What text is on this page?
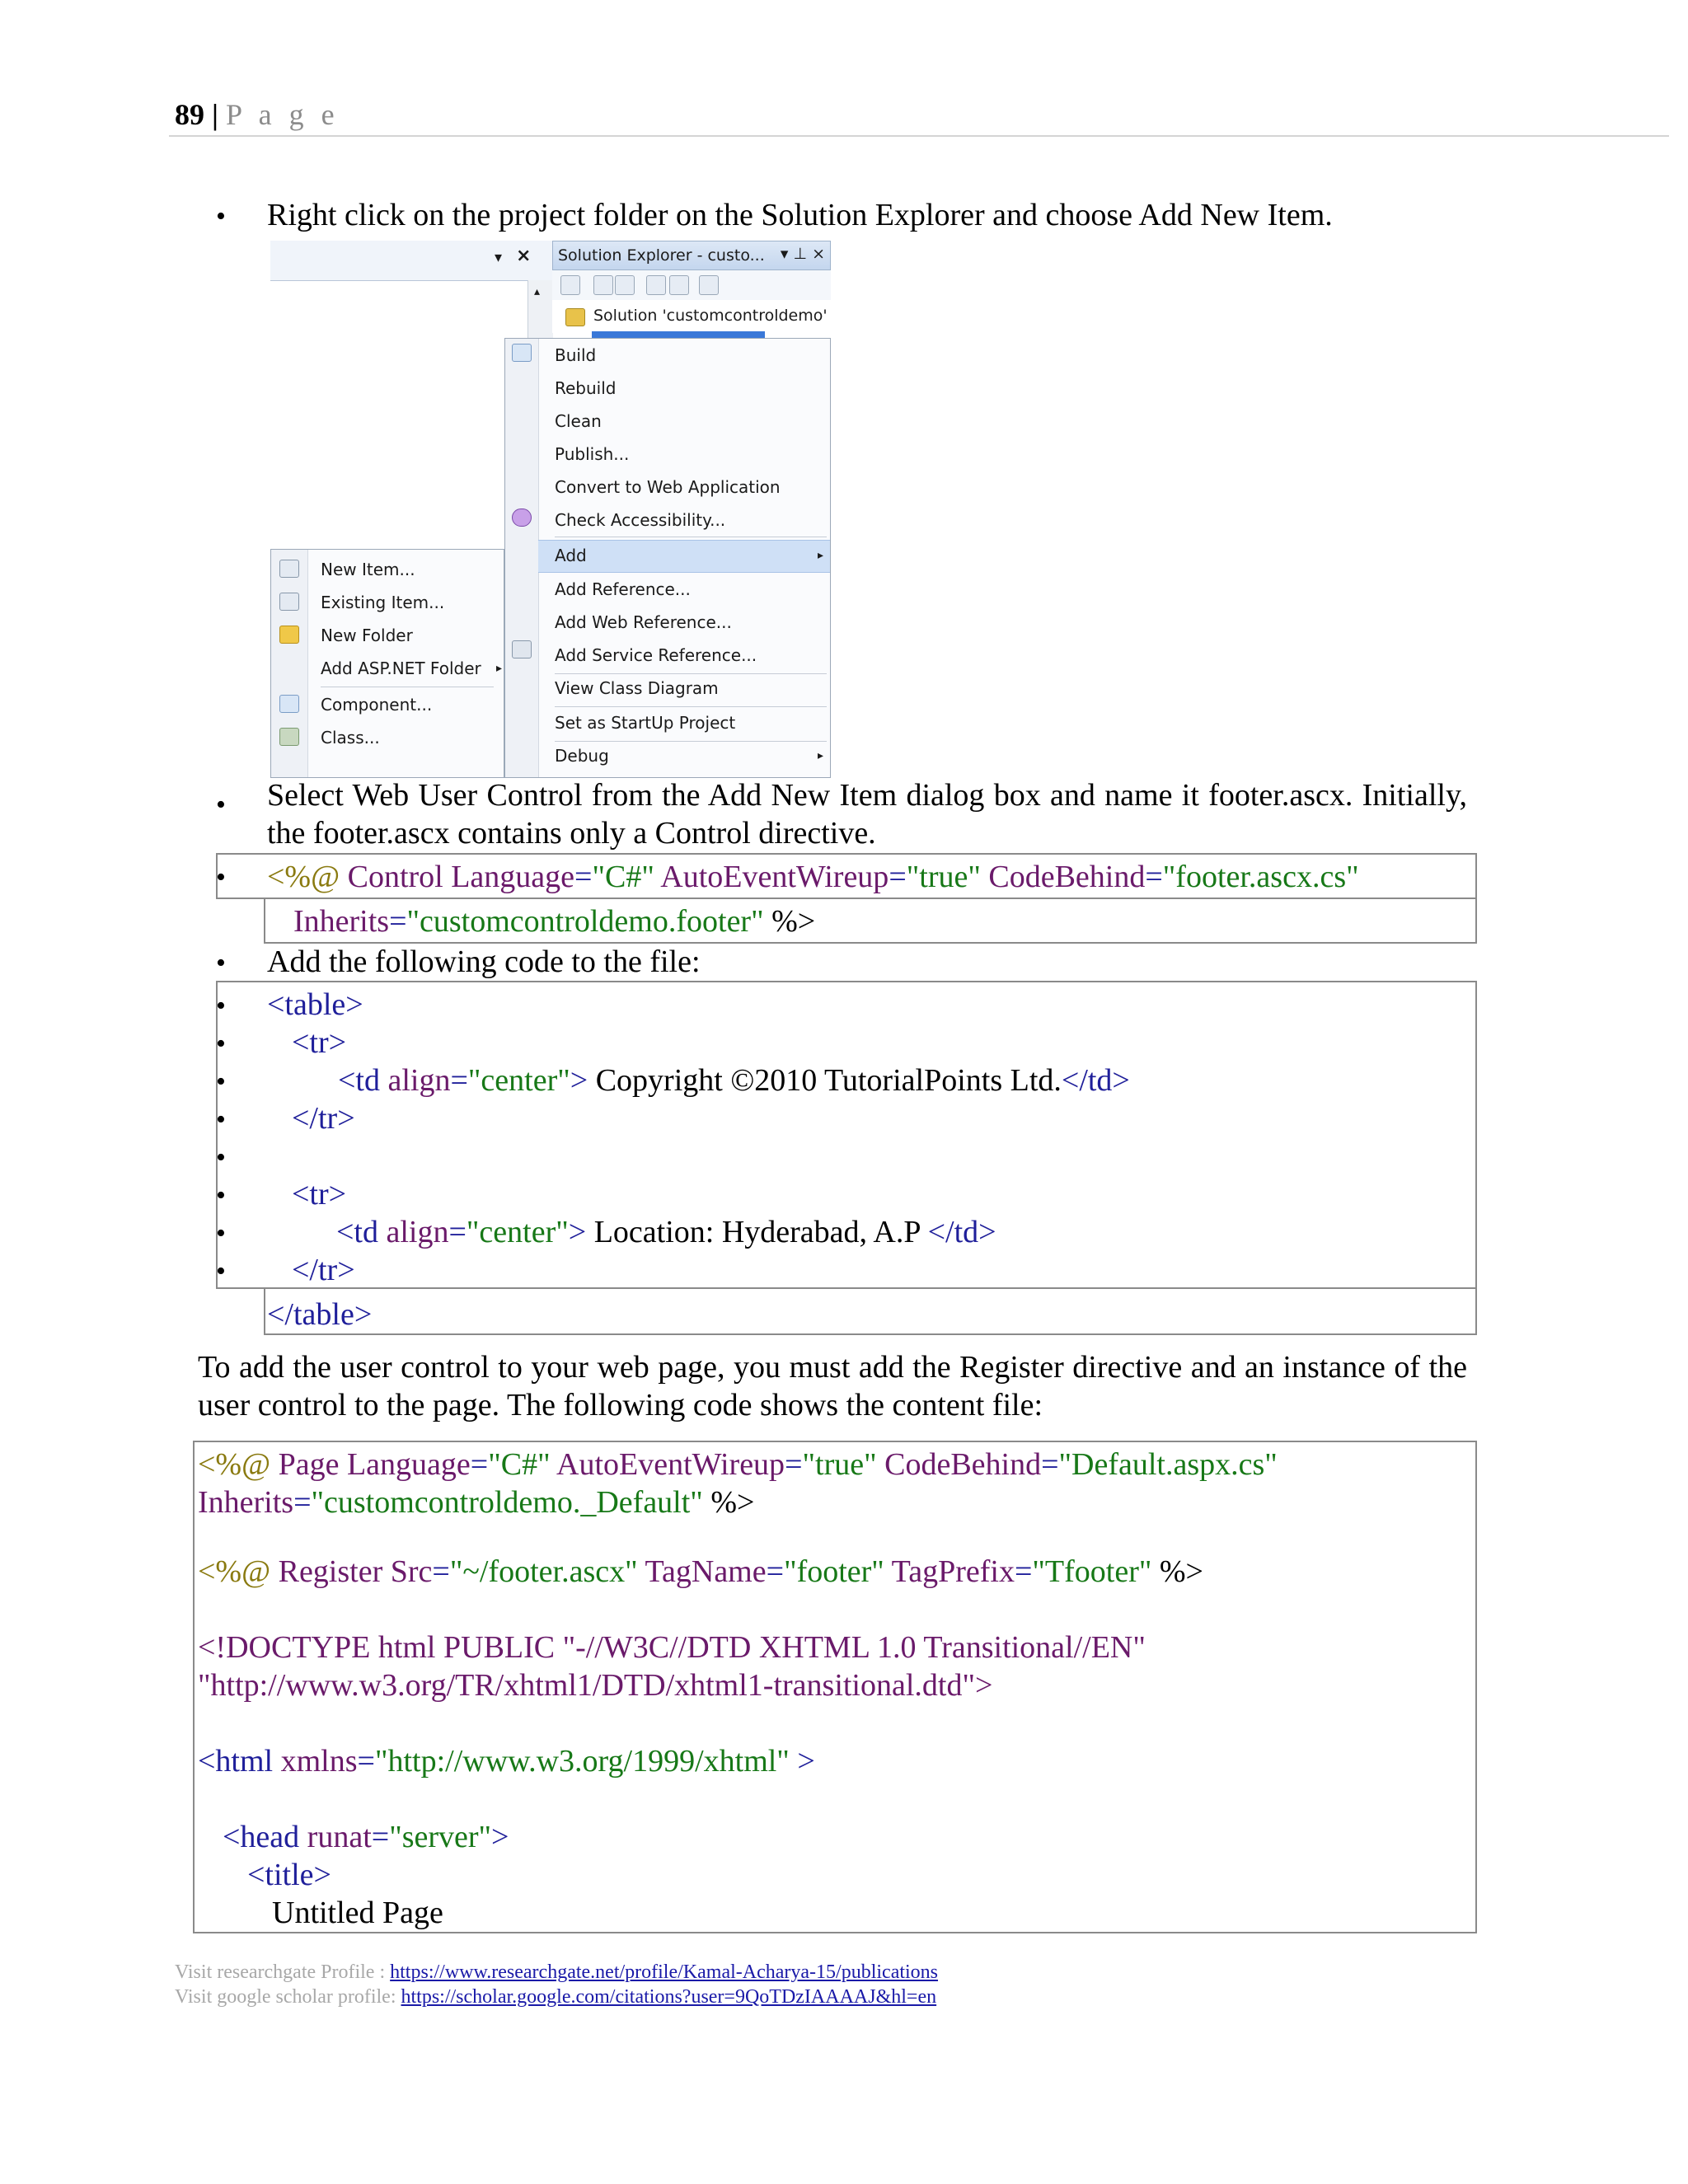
89 | P a g e
• Right click on the project folder on the Solution Explorer and choose Add New Item.
▾ ×
▴
Solution Explorer - custo... ▾ ⊥ ×
Solution 'customcontroldemo'
Build
Rebuild
Clean
Publish...
Convert to Web Application
Check Accessibility...
Add	▸
Add Reference...
Add Web Reference...
Add Service Reference...
View Class Diagram
Set as StartUp Project
Debug	▸
New Item...
Existing Item...
New Folder
Add ASP.NET Folder ▸
Component...
Class...
• Select Web User Control from the Add New Item dialog box and name it footer.ascx. Initially, the footer.ascx contains only a Control directive.
• <%@ Control Language="C#" AutoEventWireup="true" CodeBehind="footer.ascx.cs"
Inherits="customcontroldemo.footer" %>
• Add the following code to the file:
•
•
•
•
•
•
•
•
<table>
<tr>
<td align="center"> Copyright ©2010 TutorialPoints Ltd.</td>
</tr>
<tr>
<td align="center"> Location: Hyderabad, A.P </td>
</tr>
</table>
To add the user control to your web page, you must add the Register directive and an instance of the user control to the page. The following code shows the content file:
<%@ Page Language="C#" AutoEventWireup="true" CodeBehind="Default.aspx.cs"
Inherits="customcontroldemo._Default" %>
<%@ Register Src="~/footer.ascx" TagName="footer" TagPrefix="Tfooter" %>
<!DOCTYPE html PUBLIC "-//W3C//DTD XHTML 1.0 Transitional//EN"
"http://www.w3.org/TR/xhtml1/DTD/xhtml1-transitional.dtd">
<html xmlns="http://www.w3.org/1999/xhtml" >
<head runat="server">
<title>
Untitled Page
Visit researchgate Profile : https://www.researchgate.net/profile/Kamal-Acharya-15/publications
Visit google scholar profile: https://scholar.google.com/citations?user=9QoTDzIAAAAJ&hl=en
